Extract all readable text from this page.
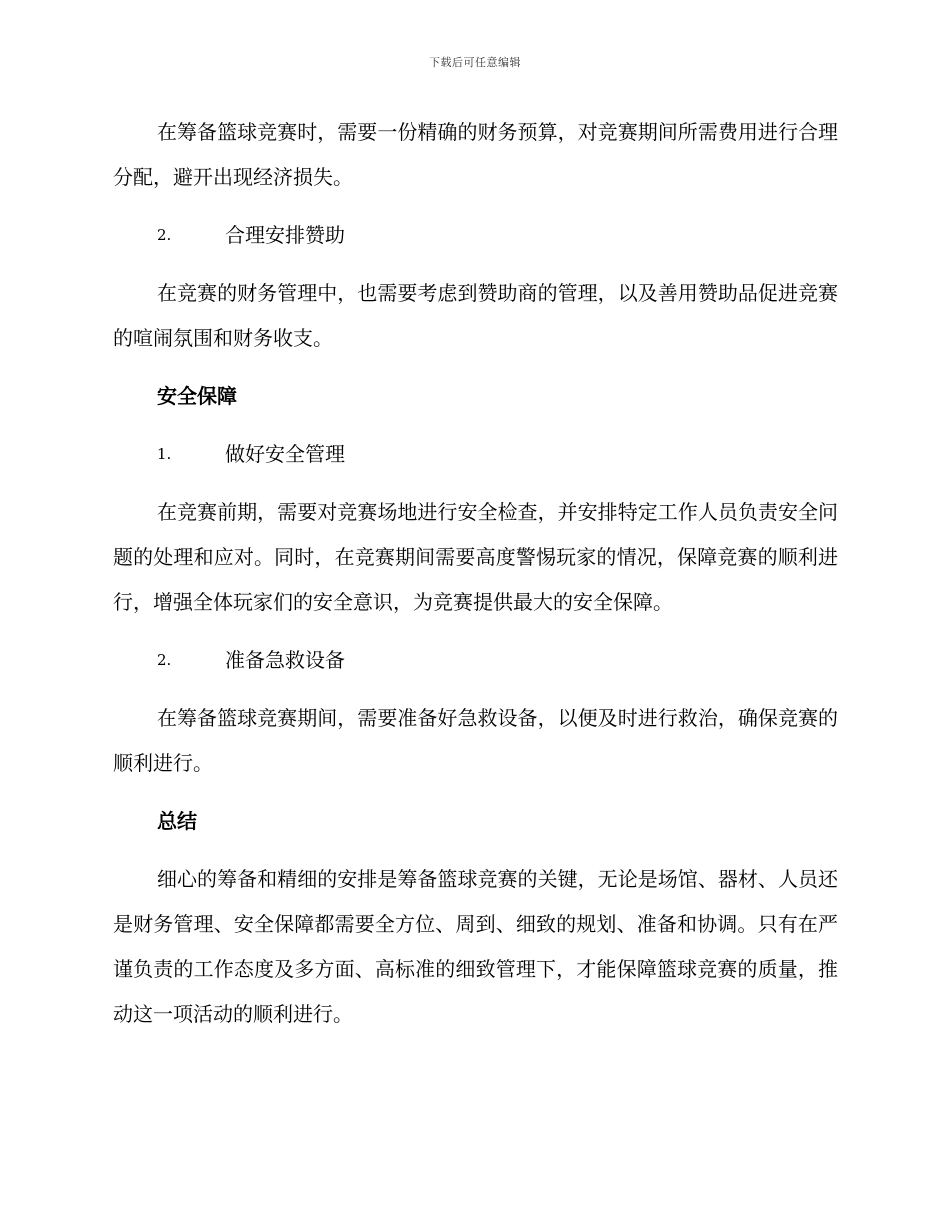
下载后可任意编辑

在筹备篮球竞赛时，需要一份精确的财务预算，对竞赛期间所需费用进行合理分配，避开出现经济损失。

2.	合理安排赞助

在竞赛的财务管理中，也需要考虑到赞助商的管理，以及善用赞助品促进竞赛的喧闹氛围和财务收支。

安全保障
1.	做好安全管理

在竞赛前期，需要对竞赛场地进行安全检查，并安排特定工作人员负责安全问题的处理和应对。同时，在竞赛期间需要高度警惕玩家的情况，保障竞赛的顺利进行，增强全体玩家们的安全意识，为竞赛提供最大的安全保障。

2.	准备急救设备

在筹备篮球竞赛期间，需要准备好急救设备，以便及时进行救治，确保竞赛的顺利进行。

总结

细心的筹备和精细的安排是筹备篮球竞赛的关键，无论是场馆、器材、人员还是财务管理、安全保障都需要全方位、周到、细致的规划、准备和协调。只有在严谨负责的工作态度及多方面、高标准的细致管理下，才能保障篮球竞赛的质量，推动这一项活动的顺利进行。
